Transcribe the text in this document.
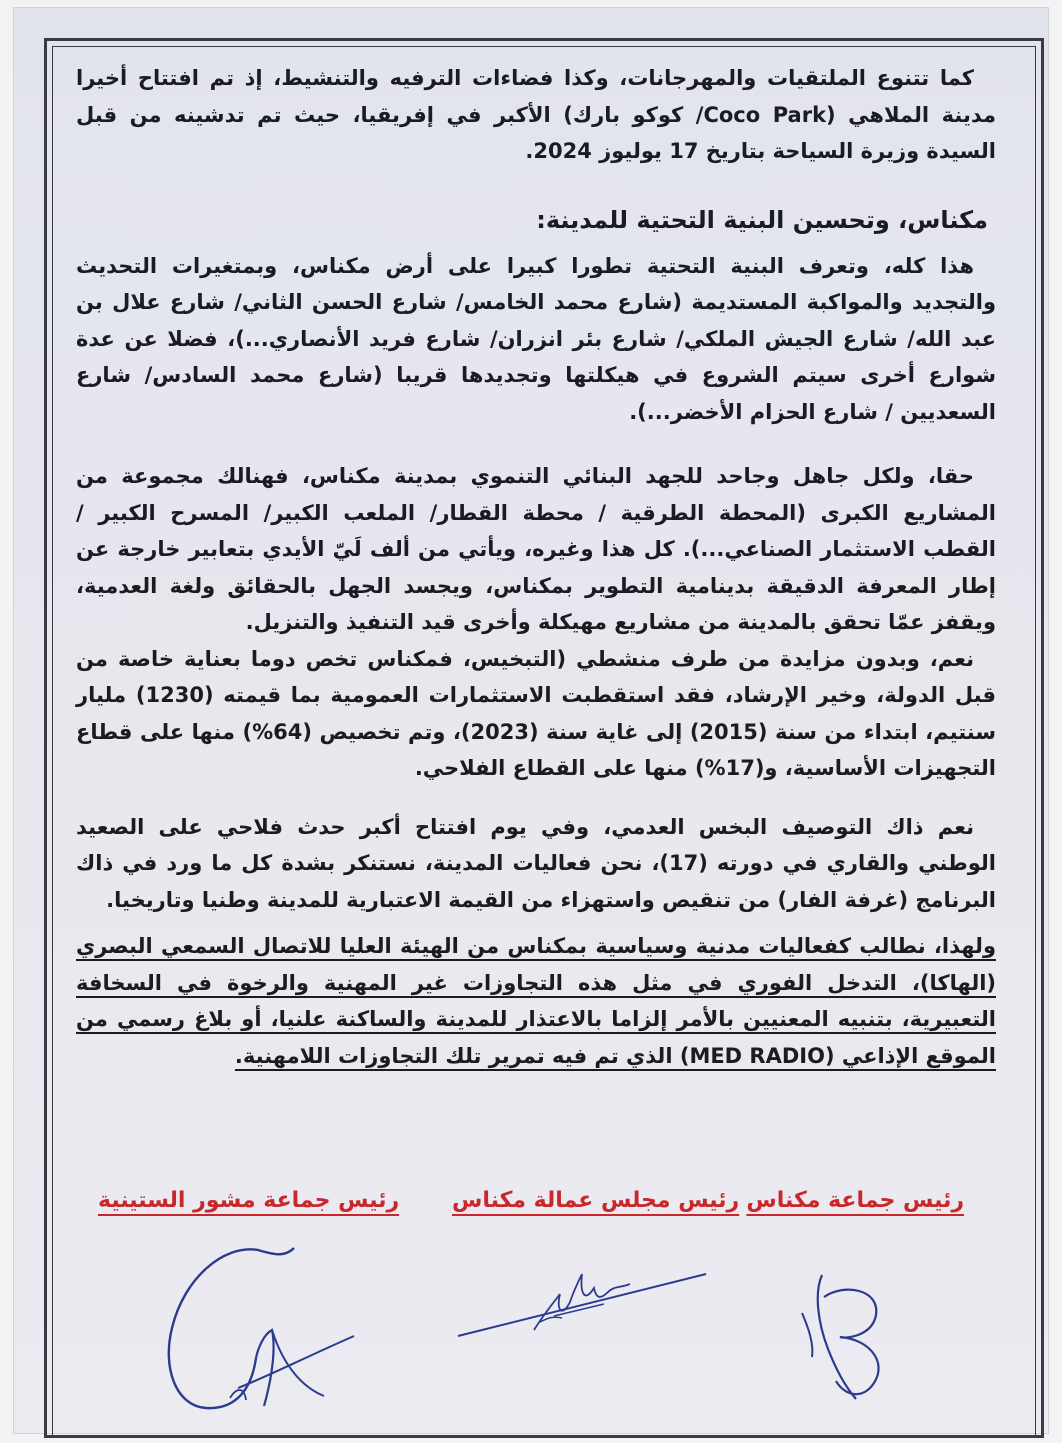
كما تتنوع الملتقيات والمهرجانات، وكذا فضاءات الترفيه والتنشيط، إذ تم افتتاح أخيرا مدينة الملاهي (Coco Park/ كوكو بارك) الأكبر في إفريقيا، حيث تم تدشينه من قبل السيدة وزيرة السياحة بتاريخ 17 يوليوز 2024.

مكناس، وتحسين البنية التحتية للمدينة:

هذا كله، وتعرف البنية التحتية تطورا كبيرا على أرض مكناس، وبمتغيرات التحديث والتجديد والمواكبة المستديمة (شارع محمد الخامس/ شارع الحسن الثاني/ شارع علال بن عبد الله/ شارع الجيش الملكي/ شارع بئر انزران/ شارع فريد الأنصاري...)، فضلا عن عدة شوارع أخرى سيتم الشروع في هيكلتها وتجديدها قريبا (شارع محمد السادس/ شارع السعديين / شارع الحزام الأخضر...).

حقا، ولكل جاهل وجاحد للجهد البنائي التنموي بمدينة مكناس، فهنالك مجموعة من المشاريع الكبرى (المحطة الطرقية / محطة القطار/ الملعب الكبير/ المسرح الكبير / القطب الاستثمار الصناعي...). كل هذا وغيره، ويأتي من ألف لَيّ الأيدي بتعابير خارجة عن إطار المعرفة الدقيقة بدينامية التطوير بمكناس، ويجسد الجهل بالحقائق ولغة العدمية، ويقفز عمّا تحقق بالمدينة من مشاريع مهيكلة وأخرى قيد التنفيذ والتنزيل.

نعم، وبدون مزايدة من طرف منشطي (التبخيس، فمكناس تخص دوما بعناية خاصة من قبل الدولة، وخير الإرشاد، فقد استقطبت الاستثمارات العمومية بما قيمته (1230) مليار سنتيم، ابتداء من سنة (2015) إلى غاية سنة (2023)، وتم تخصيص (64%) منها على قطاع التجهيزات الأساسية، و(17%) منها على القطاع الفلاحي.

نعم ذاك التوصيف البخس العدمي، وفي يوم افتتاح أكبر حدث فلاحي على الصعيد الوطني والقاري في دورته (17)، نحن فعاليات المدينة، نستنكر بشدة كل ما ورد في ذاك البرنامج (غرفة الفار) من تنقيص واستهزاء من القيمة الاعتبارية للمدينة وطنيا وتاريخيا.

ولهذا، نطالب كفعاليات مدنية وسياسية بمكناس من الهيئة العليا للاتصال السمعي البصري (الهاكا)، التدخل الفوري في مثل هذه التجاوزات غير المهنية والرخوة في السخافة التعبيرية، بتنبيه المعنيين بالأمر إلزاما بالاعتذار للمدينة والساكنة علنيا، أو بلاغ رسمي من الموقع الإذاعي (MED RADIO) الذي تم فيه تمرير تلك التجاوزات اللامهنية.

رئيس جماعة مكناس
رئيس مجلس عمالة مكناس
رئيس جماعة مشور الستينية
